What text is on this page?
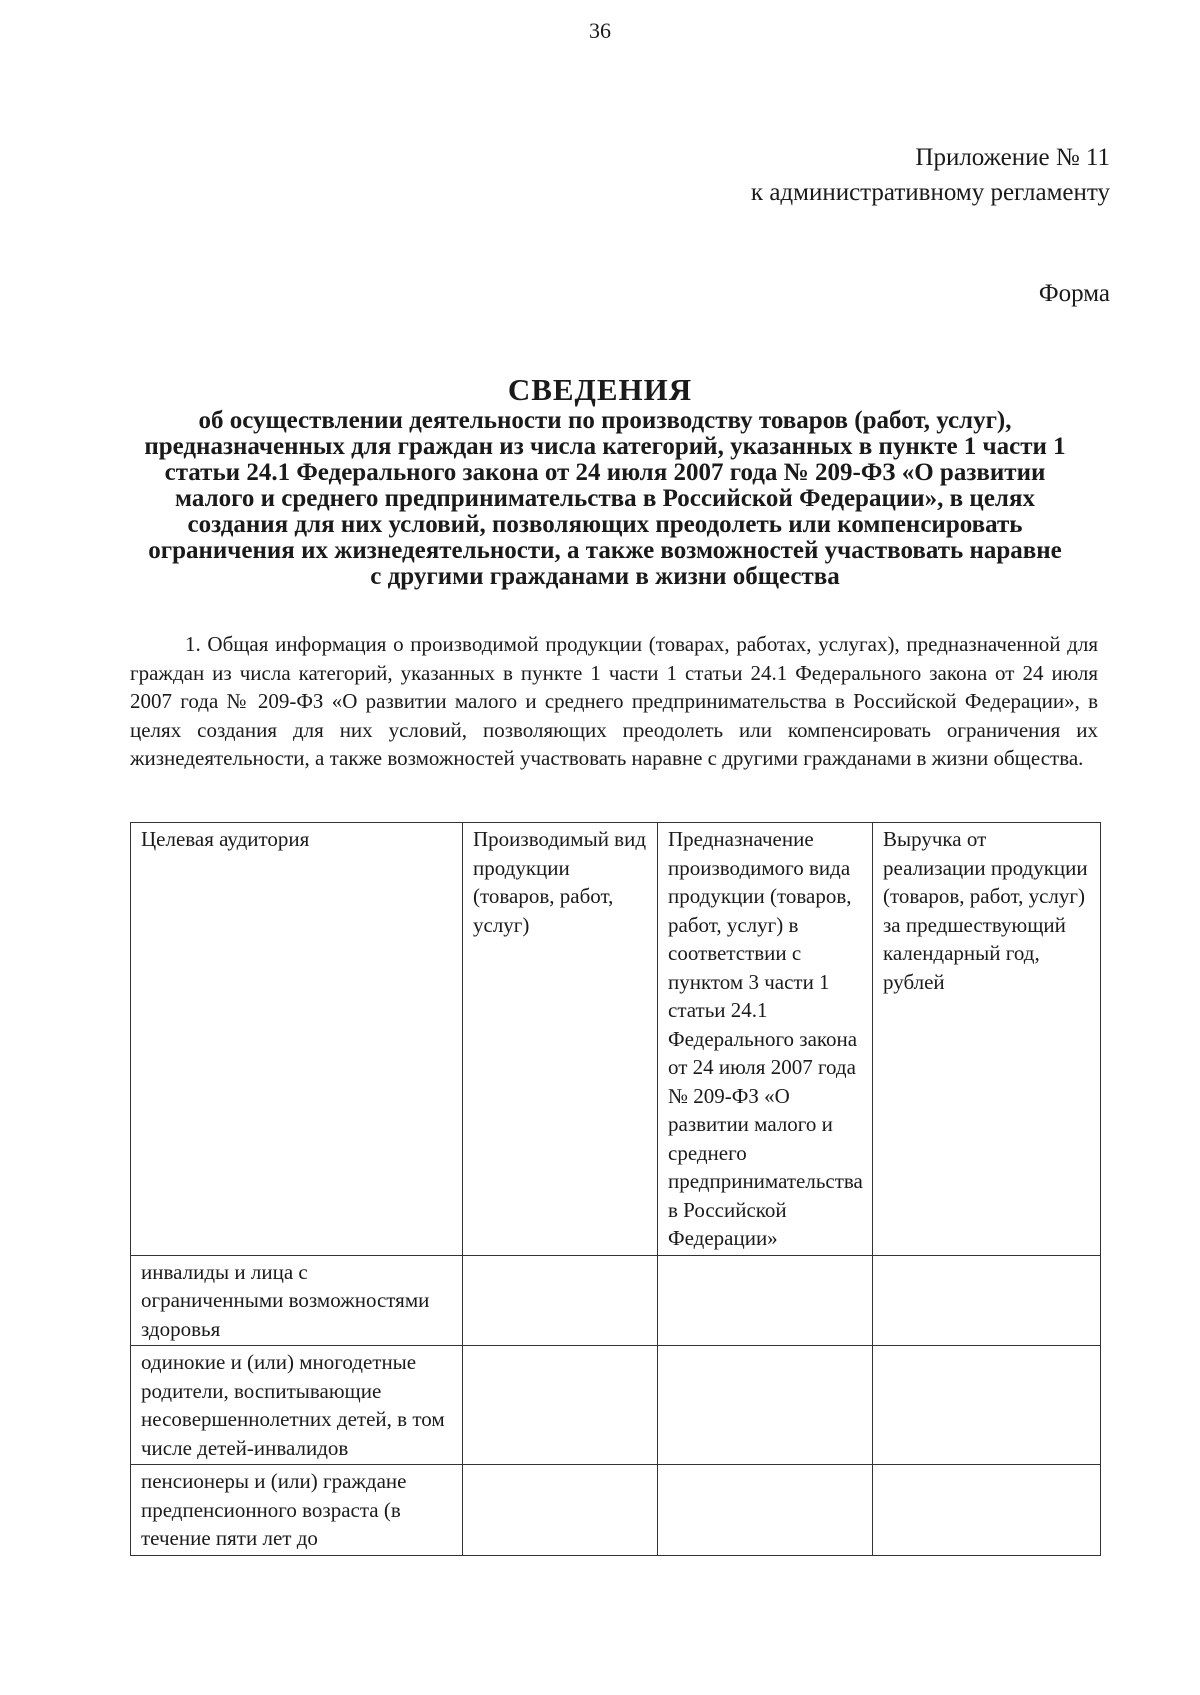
36
Приложение № 11
к административному регламенту
Форма
СВЕДЕНИЯ
об осуществлении деятельности по производству товаров (работ, услуг), предназначенных для граждан из числа категорий, указанных в пункте 1 части 1 статьи 24.1 Федерального закона от 24 июля 2007 года № 209-ФЗ «О развитии малого и среднего предпринимательства в Российской Федерации», в целях создания для них условий, позволяющих преодолеть или компенсировать ограничения их жизнедеятельности, а также возможностей участвовать наравне с другими гражданами в жизни общества
1. Общая информация о производимой продукции (товарах, работах, услугах), предназначенной для граждан из числа категорий, указанных в пункте 1 части 1 статьи 24.1 Федерального закона от 24 июля 2007 года № 209-ФЗ «О развитии малого и среднего предпринимательства в Российской Федерации», в целях создания для них условий, позволяющих преодолеть или компенсировать ограничения их жизнедеятельности, а также возможностей участвовать наравне с другими гражданами в жизни общества.
Целевая аудитория	Производимый вид продукции (товаров, работ, услуг)	Предназначение производимого вида продукции (товаров, работ, услуг) в соответствии с пунктом 3 части 1 статьи 24.1 Федерального закона от 24 июля 2007 года № 209-ФЗ «О развитии малого и среднего предпринимательства в Российской Федерации»	Выручка от реализации продукции (товаров, работ, услуг) за предшествующий календарный год, рублей
инвалиды и лица с ограниченными возможностями здоровья			
одинокие и (или) многодетные родители, воспитывающие несовершеннолетних детей, в том числе детей-инвалидов			
пенсионеры и (или) граждане предпенсионного возраста (в течение пяти лет до			
